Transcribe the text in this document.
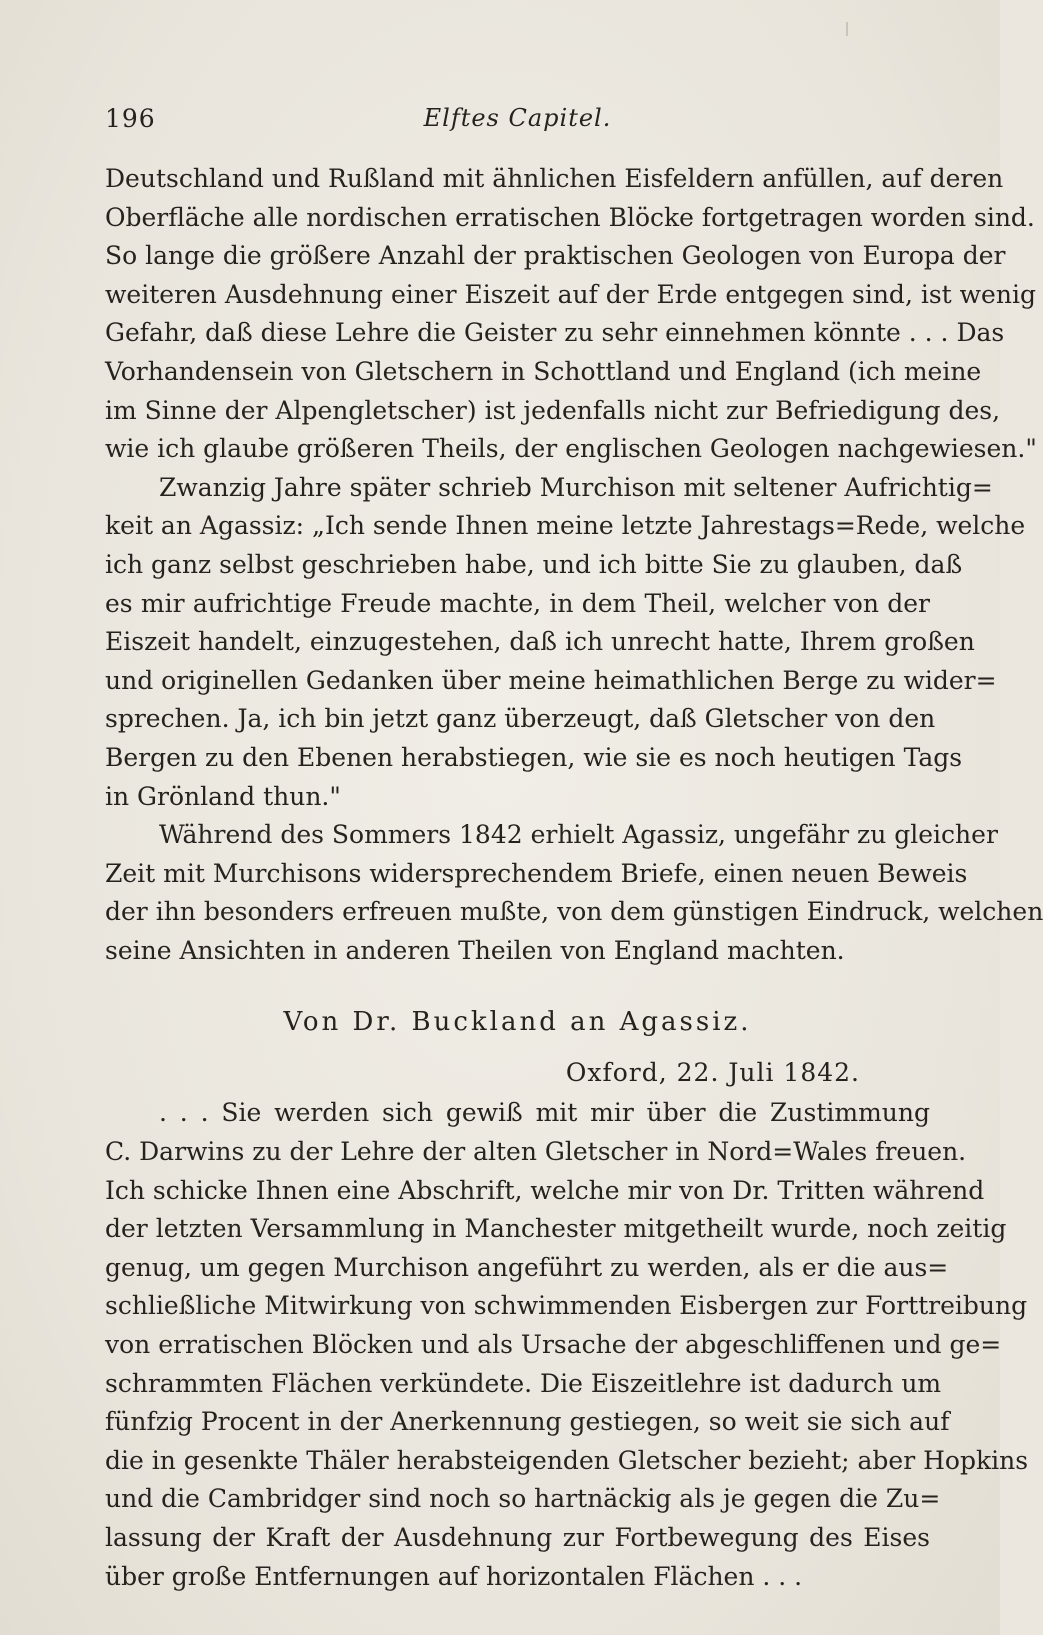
196	Elftes Capitel.
Deutschland und Rußland mit ähnlichen Eisfeldern anfüllen, auf deren
Oberfläche alle nordischen erratischen Blöcke fortgetragen worden sind.
So lange die größere Anzahl der praktischen Geologen von Europa der
weiteren Ausdehnung einer Eiszeit auf der Erde entgegen sind, ist wenig
Gefahr, daß diese Lehre die Geister zu sehr einnehmen könnte . . . Das
Vorhandensein von Gletschern in Schottland und England (ich meine
im Sinne der Alpengletscher) ist jedenfalls nicht zur Befriedigung des,
wie ich glaube größeren Theils, der englischen Geologen nachgewiesen."
Zwanzig Jahre später schrieb Murchison mit seltener Aufrichtig=
keit an Agassiz: „Ich sende Ihnen meine letzte Jahrestags=Rede, welche
ich ganz selbst geschrieben habe, und ich bitte Sie zu glauben, daß
es mir aufrichtige Freude machte, in dem Theil, welcher von der
Eiszeit handelt, einzugestehen, daß ich unrecht hatte, Ihrem großen
und originellen Gedanken über meine heimathlichen Berge zu wider=
sprechen. Ja, ich bin jetzt ganz überzeugt, daß Gletscher von den
Bergen zu den Ebenen herabstiegen, wie sie es noch heutigen Tags
in Grönland thun."
Während des Sommers 1842 erhielt Agassiz, ungefähr zu gleicher
Zeit mit Murchisons widersprechendem Briefe, einen neuen Beweis
der ihn besonders erfreuen mußte, von dem günstigen Eindruck, welchen
seine Ansichten in anderen Theilen von England machten.
Von Dr. Buckland an Agassiz.
Oxford, 22. Juli 1842.
. . . Sie werden sich gewiß mit mir über die Zustimmung
C. Darwins zu der Lehre der alten Gletscher in Nord=Wales freuen.
Ich schicke Ihnen eine Abschrift, welche mir von Dr. Tritten während
der letzten Versammlung in Manchester mitgetheilt wurde, noch zeitig
genug, um gegen Murchison angeführt zu werden, als er die aus=
schließliche Mitwirkung von schwimmenden Eisbergen zur Forttreibung
von erratischen Blöcken und als Ursache der abgeschliffenen und ge=
schrammten Flächen verkündete. Die Eiszeitlehre ist dadurch um
fünfzig Procent in der Anerkennung gestiegen, so weit sie sich auf
die in gesenkte Thäler herabsteigenden Gletscher bezieht; aber Hopkins
und die Cambridger sind noch so hartnäckig als je gegen die Zu=
lassung der Kraft der Ausdehnung zur Fortbewegung des Eises
über große Entfernungen auf horizontalen Flächen . . .
